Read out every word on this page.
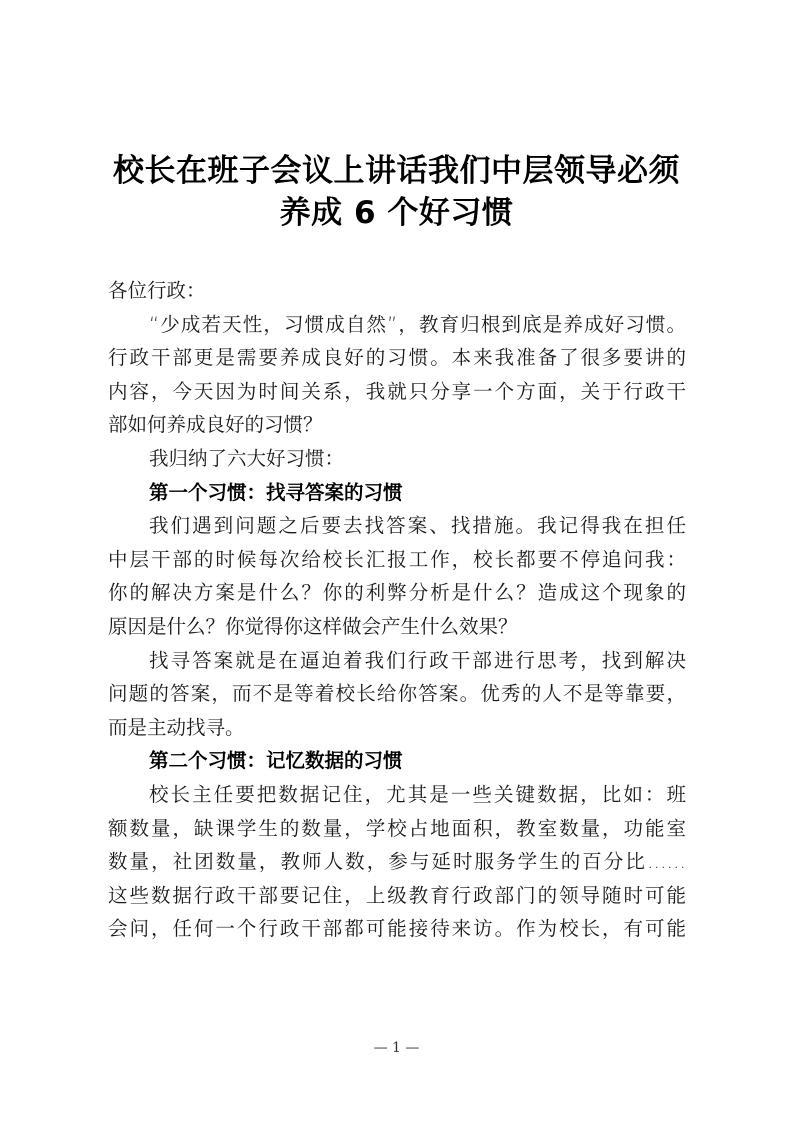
校长在班子会议上讲话我们中层领导必须
养成 6 个好习惯
各位行政：
“少成若天性，习惯成自然”，教育归根到底是养成好习惯。
行政干部更是需要养成良好的习惯。本来我准备了很多要讲的
内容，今天因为时间关系，我就只分享一个方面，关于行政干
部如何养成良好的习惯？
我归纳了六大好习惯：
第一个习惯：找寻答案的习惯
我们遇到问题之后要去找答案、找措施。我记得我在担任
中层干部的时候每次给校长汇报工作，校长都要不停追问我：
你的解决方案是什么？你的利弊分析是什么？造成这个现象的
原因是什么？你觉得你这样做会产生什么效果？
找寻答案就是在逼迫着我们行政干部进行思考，找到解决
问题的答案，而不是等着校长给你答案。优秀的人不是等靠要，
而是主动找寻。
第二个习惯：记忆数据的习惯
校长主任要把数据记住，尤其是一些关键数据，比如：班
额数量，缺课学生的数量，学校占地面积，教室数量，功能室
数量，社团数量，教师人数，参与延时服务学生的百分比……
这些数据行政干部要记住，上级教育行政部门的领导随时可能
会问，任何一个行政干部都可能接待来访。作为校长，有可能
— 1 —
